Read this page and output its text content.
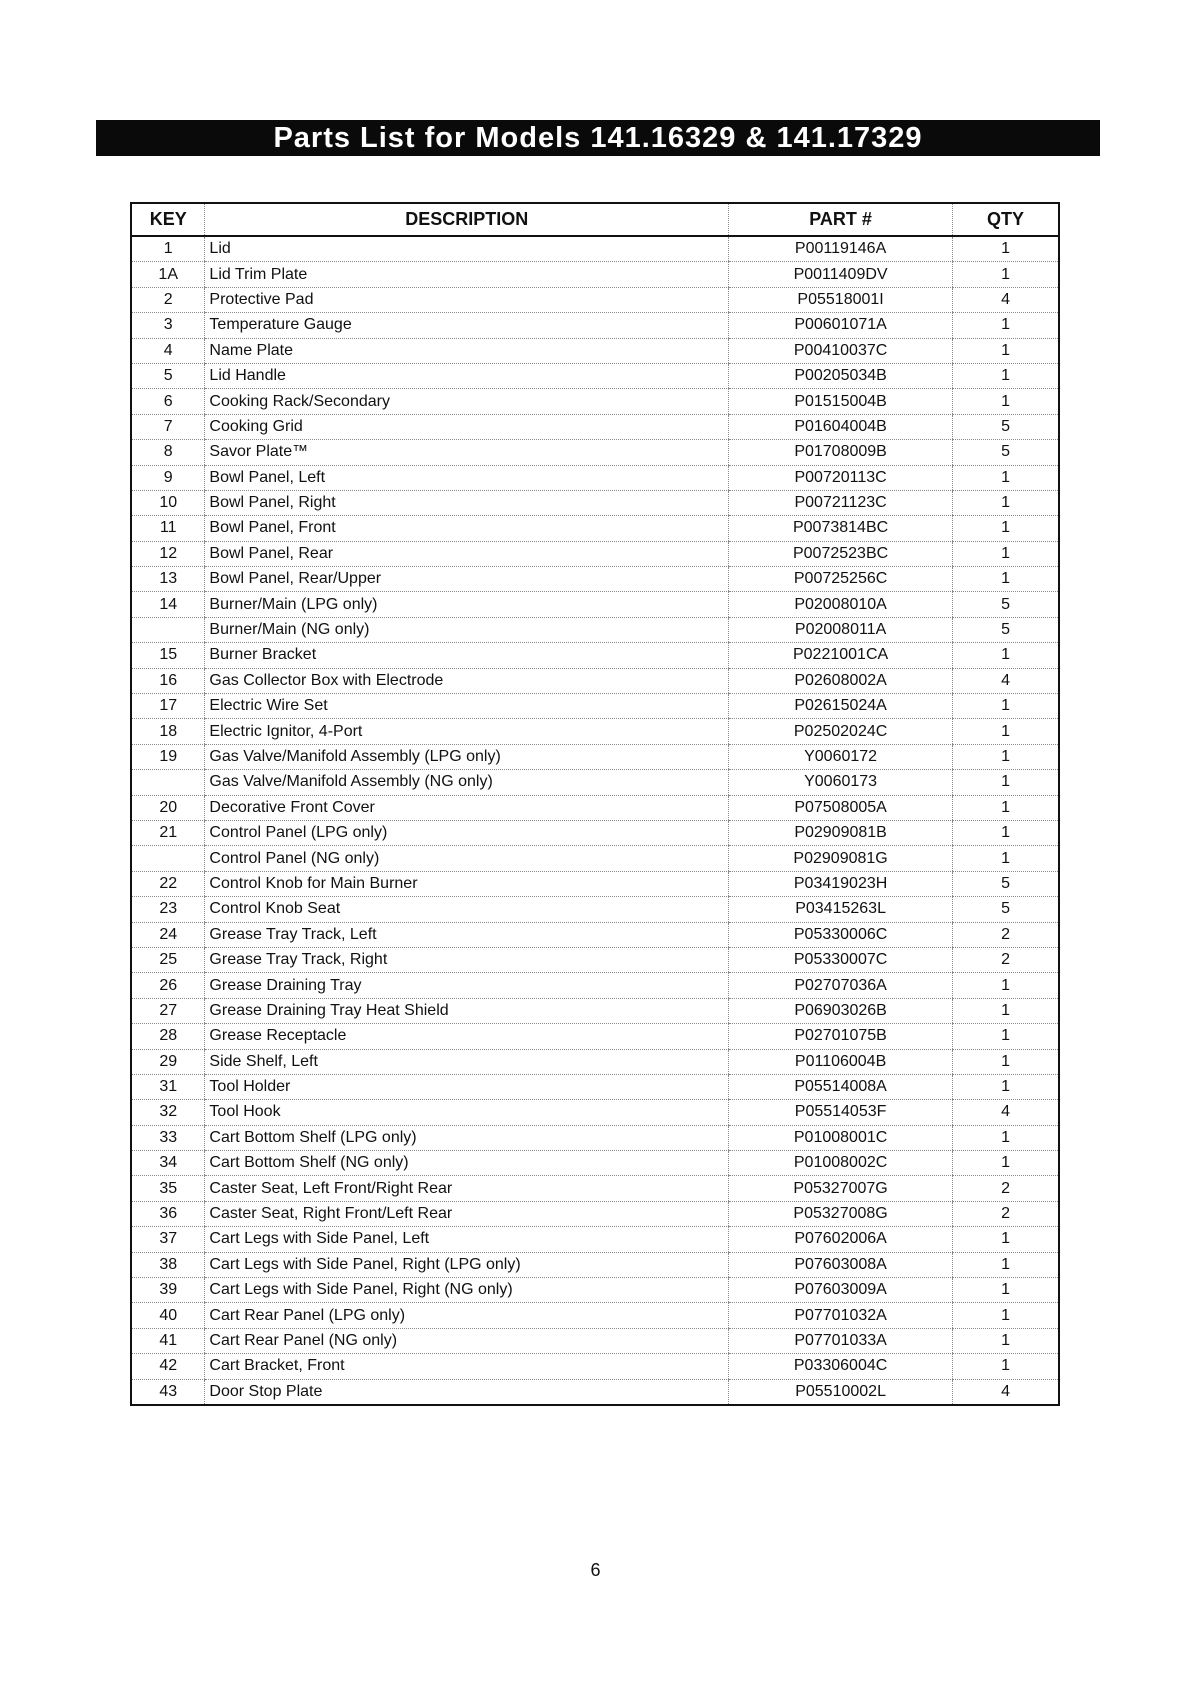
Parts List for Models 141.16329 & 141.17329
KEY	DESCRIPTION	PART #	QTY
1	Lid	P00119146A	1
1A	Lid Trim Plate	P0011409DV	1
2	Protective Pad	P05518001I	4
3	Temperature Gauge	P00601071A	1
4	Name Plate	P00410037C	1
5	Lid Handle	P00205034B	1
6	Cooking Rack/Secondary	P01515004B	1
7	Cooking Grid	P01604004B	5
8	Savor Plate™	P01708009B	5
9	Bowl Panel, Left	P00720113C	1
10	Bowl Panel, Right	P00721123C	1
11	Bowl Panel, Front	P0073814BC	1
12	Bowl Panel, Rear	P0072523BC	1
13	Bowl Panel, Rear/Upper	P00725256C	1
14	Burner/Main (LPG only)	P02008010A	5
	Burner/Main (NG only)	P02008011A	5
15	Burner Bracket	P0221001CA	1
16	Gas Collector Box with Electrode	P02608002A	4
17	Electric Wire Set	P02615024A	1
18	Electric Ignitor, 4-Port	P02502024C	1
19	Gas Valve/Manifold Assembly (LPG only)	Y0060172	1
	Gas Valve/Manifold Assembly (NG only)	Y0060173	1
20	Decorative Front Cover	P07508005A	1
21	Control Panel (LPG only)	P02909081B	1
	Control Panel (NG only)	P02909081G	1
22	Control Knob for Main Burner	P03419023H	5
23	Control Knob Seat	P03415263L	5
24	Grease Tray Track, Left	P05330006C	2
25	Grease Tray Track, Right	P05330007C	2
26	Grease Draining Tray	P02707036A	1
27	Grease Draining Tray Heat Shield	P06903026B	1
28	Grease Receptacle	P02701075B	1
29	Side Shelf, Left	P01106004B	1
31	Tool Holder	P05514008A	1
32	Tool Hook	P05514053F	4
33	Cart Bottom Shelf (LPG only)	P01008001C	1
34	Cart Bottom Shelf (NG only)	P01008002C	1
35	Caster Seat, Left Front/Right Rear	P05327007G	2
36	Caster Seat, Right Front/Left Rear	P05327008G	2
37	Cart Legs with Side Panel, Left	P07602006A	1
38	Cart Legs with Side Panel, Right (LPG only)	P07603008A	1
39	Cart Legs with Side Panel, Right (NG only)	P07603009A	1
40	Cart Rear Panel (LPG only)	P07701032A	1
41	Cart Rear Panel (NG only)	P07701033A	1
42	Cart Bracket, Front	P03306004C	1
43	Door Stop Plate	P05510002L	4
6
